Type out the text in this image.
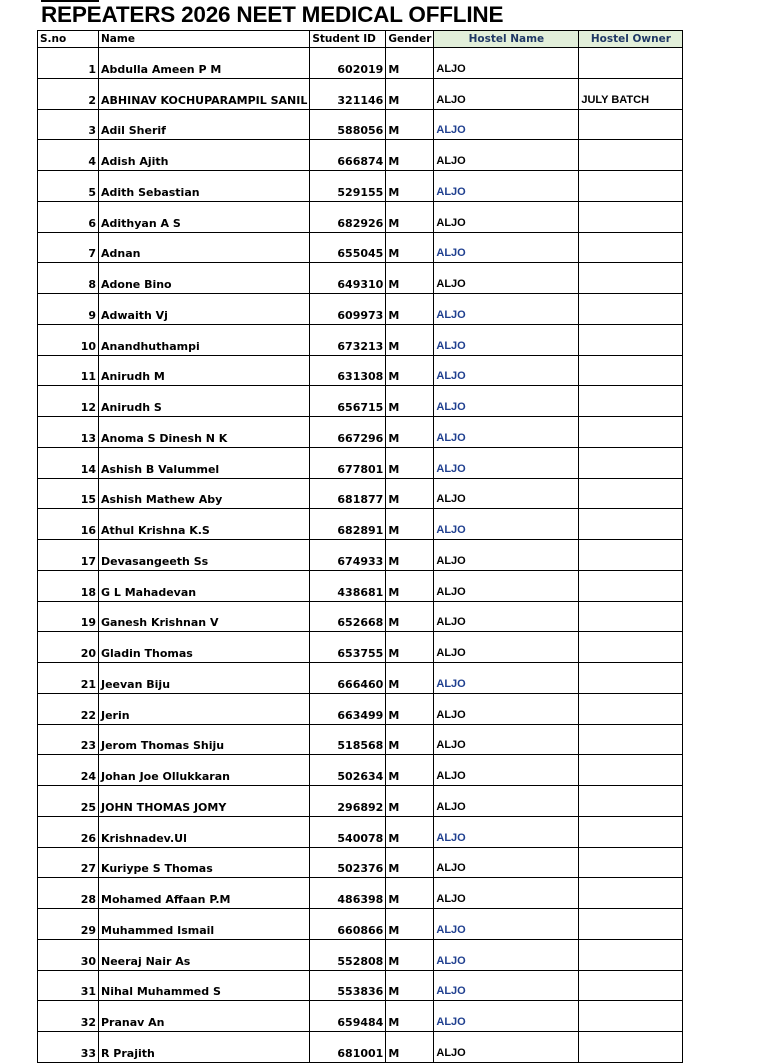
REPEATERS 2026 NEET MEDICAL OFFLINE
S.no	Name	Student ID	Gender	Hostel Name	Hostel Owner
1	Abdulla Ameen P M	602019	M	ALJO	
2	ABHINAV KOCHUPARAMPIL SANIL	321146	M	ALJO	JULY BATCH
3	Adil Sherif	588056	M	ALJO	
4	Adish Ajith	666874	M	ALJO	
5	Adith Sebastian	529155	M	ALJO	
6	Adithyan A S	682926	M	ALJO	
7	Adnan	655045	M	ALJO	
8	Adone Bino	649310	M	ALJO	
9	Adwaith Vj	609973	M	ALJO	
10	Anandhuthampi	673213	M	ALJO	
11	Anirudh M	631308	M	ALJO	
12	Anirudh S	656715	M	ALJO	
13	Anoma S Dinesh N K	667296	M	ALJO	
14	Ashish B Valummel	677801	M	ALJO	
15	Ashish Mathew Aby	681877	M	ALJO	
16	Athul Krishna K.S	682891	M	ALJO	
17	Devasangeeth Ss	674933	M	ALJO	
18	G L Mahadevan	438681	M	ALJO	
19	Ganesh Krishnan V	652668	M	ALJO	
20	Gladin Thomas	653755	M	ALJO	
21	Jeevan Biju	666460	M	ALJO	
22	Jerin	663499	M	ALJO	
23	Jerom Thomas Shiju	518568	M	ALJO	
24	Johan Joe Ollukkaran	502634	M	ALJO	
25	JOHN THOMAS JOMY	296892	M	ALJO	
26	Krishnadev.Ul	540078	M	ALJO	
27	Kuriype S Thomas	502376	M	ALJO	
28	Mohamed Affaan P.M	486398	M	ALJO	
29	Muhammed Ismail	660866	M	ALJO	
30	Neeraj Nair As	552808	M	ALJO	
31	Nihal Muhammed S	553836	M	ALJO	
32	Pranav An	659484	M	ALJO	
33	R Prajith	681001	M	ALJO	
